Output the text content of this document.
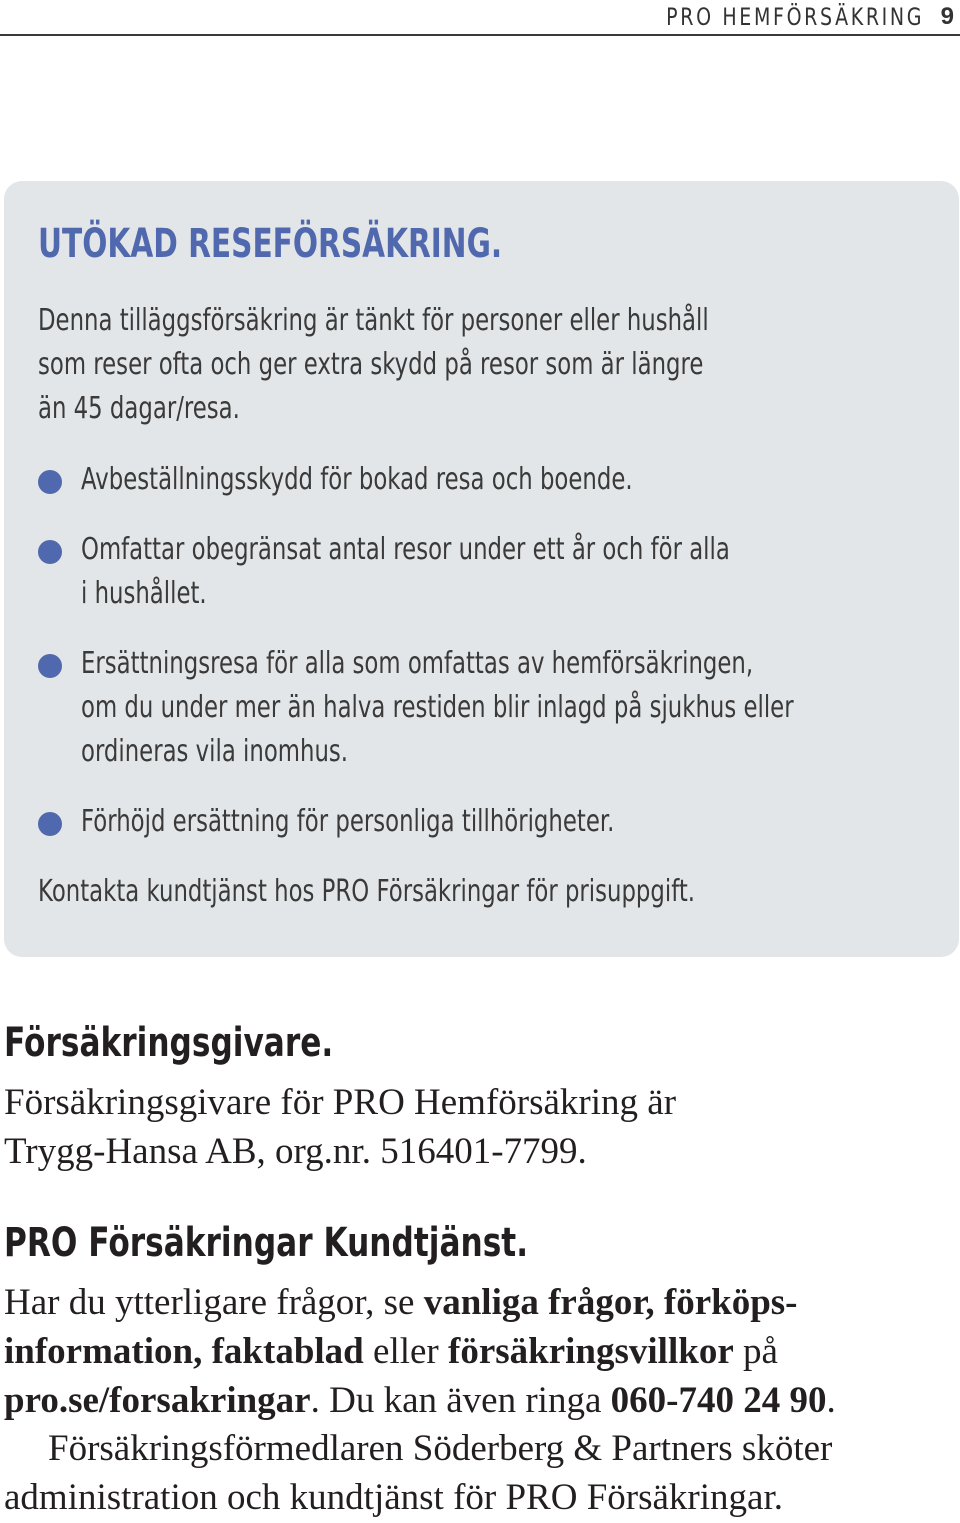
PRO HEMFÖRSÄKRING 9
UTÖKAD RESEFÖRSÄKRING.
Denna tilläggsförsäkring är tänkt för personer eller hushåll
som reser ofta och ger extra skydd på resor som är längre
än 45 dagar/resa.
Avbeställningsskydd för bokad resa och boende.
Omfattar obegränsat antal resor under ett år och för alla
i hushållet.
Ersättningsresa för alla som omfattas av hemförsäkringen,
om du under mer än halva restiden blir inlagd på sjukhus eller
ordineras vila inomhus.
Förhöjd ersättning för personliga tillhörigheter.
Kontakta kundtjänst hos PRO Försäkringar för prisuppgift.
Försäkringsgivare.
Försäkringsgivare för PRO Hemförsäkring är
Trygg-Hansa AB, org.nr. 516401-7799.
PRO Försäkringar Kundtjänst.
Har du ytterligare frågor, se vanliga frågor, förköps-
information, faktablad eller försäkringsvillkor på
pro.se/forsakringar. Du kan även ringa 060-740 24 90.
Försäkringsförmedlaren Söderberg & Partners sköter
administration och kundtjänst för PRO Försäkringar.
